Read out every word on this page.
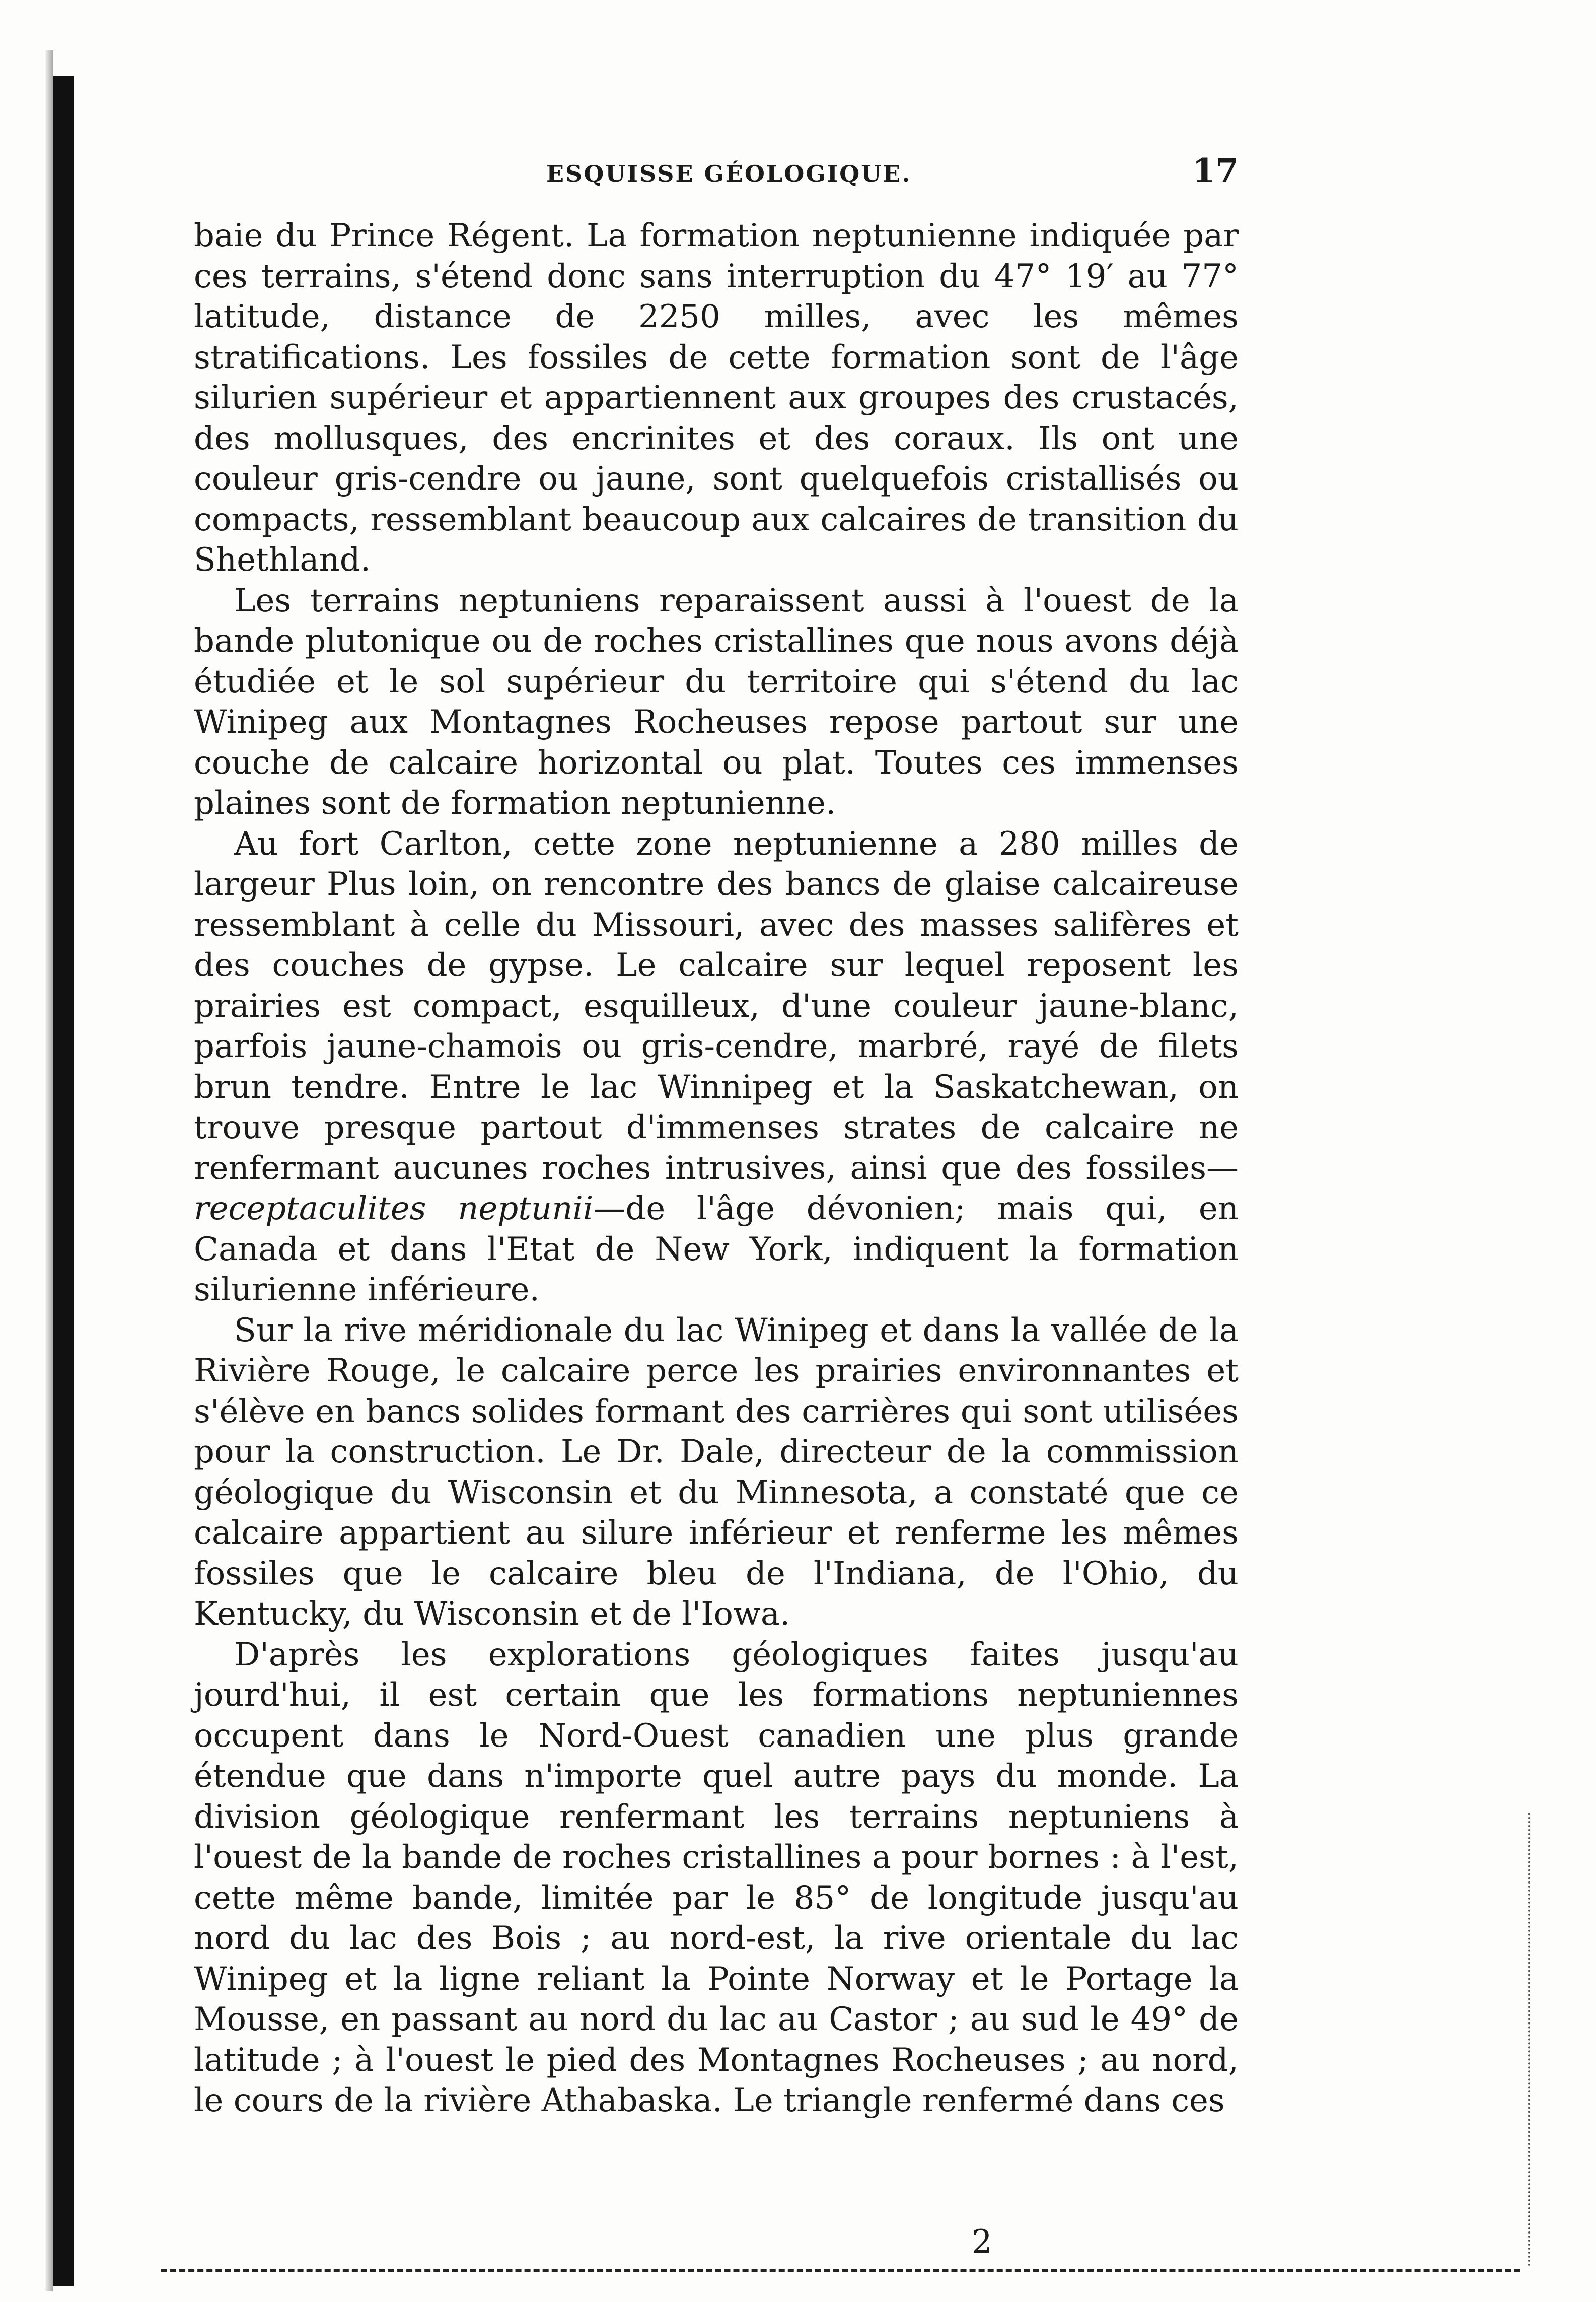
ESQUISSE GÉOLOGIQUE.	17

baie du Prince Régent. La formation neptunienne indiquée par ces terrains, s'étend donc sans interruption du 47° 19′ au 77° latitude, distance de 2250 milles, avec les mêmes stratifications. Les fossiles de cette formation sont de l'âge silurien supérieur et appartiennent aux groupes des crustacés, des mollusques, des encrinites et des coraux. Ils ont une couleur gris-cendre ou jaune, sont quelquefois cristallisés ou compacts, ressemblant beaucoup aux calcaires de transition du Shethland.

Les terrains neptuniens reparaissent aussi à l'ouest de la bande plutonique ou de roches cristallines que nous avons déjà étudiée et le sol supérieur du territoire qui s'étend du lac Winipeg aux Montagnes Rocheuses repose partout sur une couche de calcaire horizontal ou plat. Toutes ces immenses plaines sont de formation neptunienne.

Au fort Carlton, cette zone neptunienne a 280 milles de largeur Plus loin, on rencontre des bancs de glaise calcaireuse ressemblant à celle du Missouri, avec des masses salifères et des couches de gypse. Le calcaire sur lequel reposent les prairies est compact, esquilleux, d'une couleur jaune-blanc, parfois jaune-chamois ou gris-cendre, marbré, rayé de filets brun tendre. Entre le lac Winnipeg et la Saskatchewan, on trouve presque partout d'immenses strates de calcaire ne renfermant aucunes roches intrusives, ainsi que des fossiles—receptaculites neptunii—de l'âge dévonien; mais qui, en Canada et dans l'Etat de New York, indiquent la formation silurienne inférieure.

Sur la rive méridionale du lac Winipeg et dans la vallée de la Rivière Rouge, le calcaire perce les prairies environnantes et s'élève en bancs solides formant des carrières qui sont utilisées pour la construction. Le Dr. Dale, directeur de la commission géologique du Wisconsin et du Minnesota, a constaté que ce calcaire appartient au silure inférieur et renferme les mêmes fossiles que le calcaire bleu de l'Indiana, de l'Ohio, du Kentucky, du Wisconsin et de l'Iowa.

D'après les explorations géologiques faites jusqu'au jourd'hui, il est certain que les formations neptuniennes occupent dans le Nord-Ouest canadien une plus grande étendue que dans n'importe quel autre pays du monde. La division géologique renfermant les terrains neptuniens à l'ouest de la bande de roches cristallines a pour bornes : à l'est, cette même bande, limitée par le 85° de longitude jusqu'au nord du lac des Bois ; au nord-est, la rive orientale du lac Winipeg et la ligne reliant la Pointe Norway et le Portage la Mousse, en passant au nord du lac au Castor ; au sud le 49° de latitude ; à l'ouest le pied des Montagnes Rocheuses ; au nord, le cours de la rivière Athabaska. Le triangle renfermé dans ces

2
